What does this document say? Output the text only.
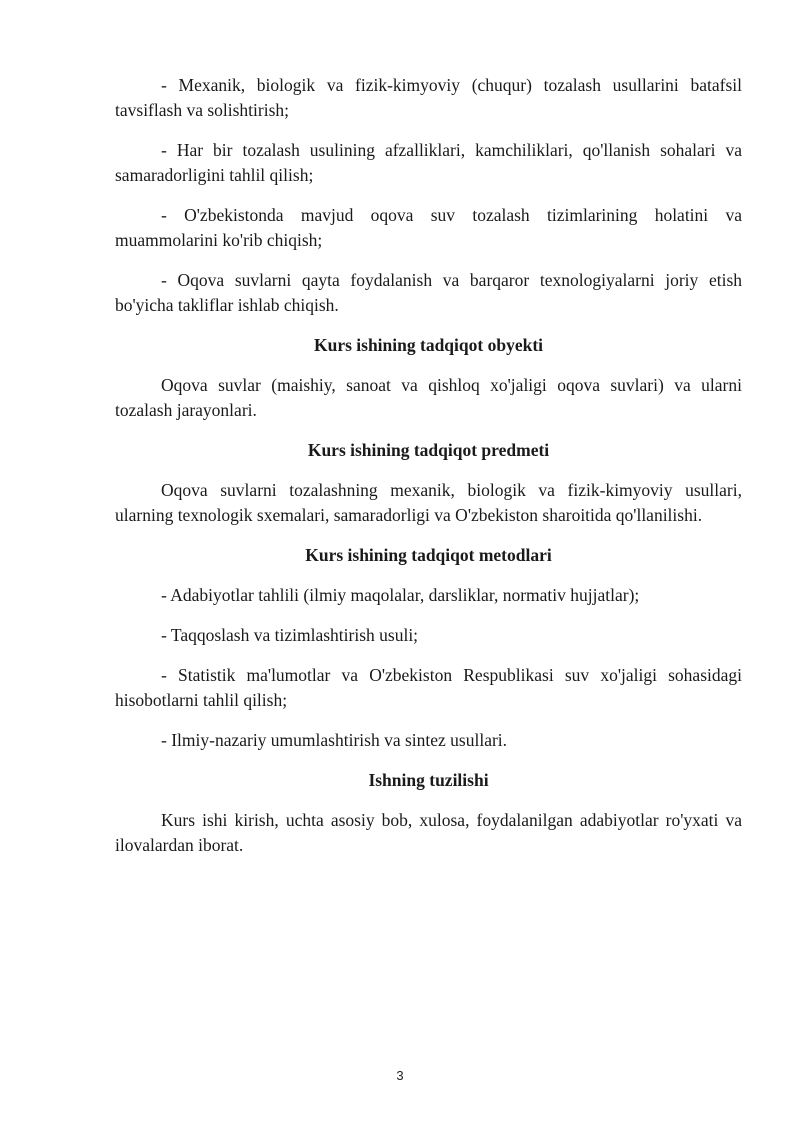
- Mexanik, biologik va fizik-kimyoviy (chuqur) tozalash usullarini batafsil tavsiflash va solishtirish;

- Har bir tozalash usulining afzalliklari, kamchiliklari, qo'llanish sohalari va samaradorligini tahlil qilish;

- O'zbekistonda mavjud oqova suv tozalash tizimlarining holatini va muammolarini ko'rib chiqish;

- Oqova suvlarni qayta foydalanish va barqaror texnologiyalarni joriy etish bo'yicha takliflar ishlab chiqish.

Kurs ishining tadqiqot obyekti

Oqova suvlar (maishiy, sanoat va qishloq xo'jaligi oqova suvlari) va ularni tozalash jarayonlari.

Kurs ishining tadqiqot predmeti

Oqova suvlarni tozalashning mexanik, biologik va fizik-kimyoviy usullari, ularning texnologik sxemalari, samaradorligi va O'zbekiston sharoitida qo'llanilishi.

Kurs ishining tadqiqot metodlari

- Adabiyotlar tahlili (ilmiy maqolalar, darsliklar, normativ hujjatlar);

- Taqqoslash va tizimlashtirish usuli;

- Statistik ma'lumotlar va O'zbekiston Respublikasi suv xo'jaligi sohasidagi hisobotlarni tahlil qilish;

- Ilmiy-nazariy umumlashtirish va sintez usullari.

Ishning tuzilishi

Kurs ishi kirish, uchta asosiy bob, xulosa, foydalanilgan adabiyotlar ro'yxati va ilovalardan iborat.

3
